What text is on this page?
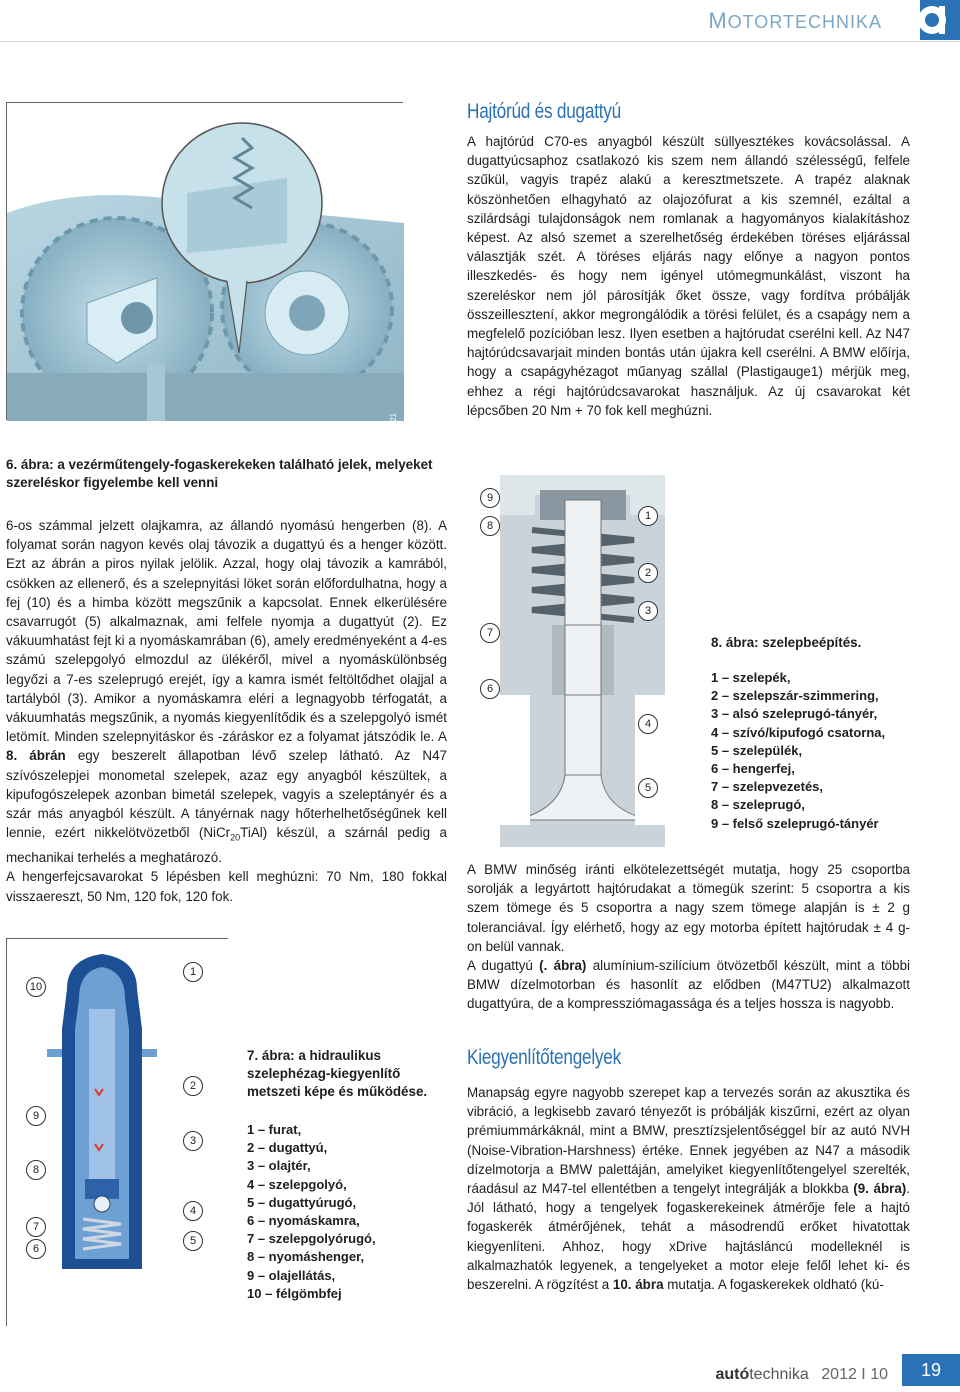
MOTORTECHNIKA
TM-2021
6. ábra: a vezérműtengely-fogaskerekeken található jelek, melyeket szereléskor figyelembe kell venni

6-os számmal jelzett olajkamra, az állandó nyomású hengerben (8). A folyamat során nagyon kevés olaj távozik a dugattyú és a henger között. Ezt az ábrán a piros nyilak jelölik. Azzal, hogy olaj távozik a kamrából, csökken az ellenerő, és a szelepnyitási löket során előfordulhatna, hogy a fej (10) és a himba között megszűnik a kapcsolat. Ennek elkerülésére csavarrugót (5) alkalmaznak, ami felfele nyomja a dugattyút (2). Ez vákuumhatást fejt ki a nyomáskamrában (6), amely eredményeként a 4-es számú szelepgolyó elmozdul az ülékéről, mivel a nyomáskülönbség legyőzi a 7-es szeleprugó erejét, így a kamra ismét feltöltődhet olajjal a tartályból (3). Amikor a nyomáskamra eléri a legnagyobb térfogatát, a vákuumhatás megszűnik, a nyomás kiegyenlítődik és a szelepgolyó ismét letömít. Minden szelepnyitáskor és -záráskor ez a folyamat játszódik le. A 8. ábrán egy beszerelt állapotban lévő szelep látható. Az N47 szívószelepjei monometal szelepek, azaz egy anyagból készültek, a kipufogószelepek azonban bimetál szelepek, vagyis a szeleptányér és a szár más anyagból készült. A tányérnak nagy hőterhelhetőségűnek kell lennie, ezért nikkelötvözetből (NiCr$_{20}$TiAl) készül, a szárnál pedig a mechanikai terhelés a meghatározó.

A hengerfejcsavarokat 5 lépésben kell meghúzni: 70 Nm, 180 fokkal visszaereszt, 50 Nm, 120 fok, 120 fok.

10
1
9
2
3
8
4
7
6
5
7. ábra: a hidraulikus szelephézag-kiegyenlítő metszeti képe és működése.
1 – furat,
2 – dugattyú,
3 – olajtér,
4 – szelepgolyó,
5 – dugattyúrugó,
6 – nyomáskamra,
7 – szelepgolyórugó,
8 – nyomáshenger,
9 – olajellátás,
10 – félgömbfej
Hajtórúd és dugattyú
A hajtórúd C70-es anyagból készült süllyesztékes kovácsolással. A dugattyúcsaphoz csatlakozó kis szem nem állandó szélességű, felfele szűkül, vagyis trapéz alakú a keresztmetszete. A trapéz alaknak köszönhetően elhagyható az olajozófurat a kis szemnél, ezáltal a szilárdsági tulajdonságok nem romlanak a hagyományos kialakításhoz képest. Az alsó szemet a szerelhetőség érdekében töréses eljárással választják szét. A töréses eljárás nagy előnye a nagyon pontos illeszkedés- és hogy nem igényel utómegmunkálást, viszont ha szereléskor nem jól párosítják őket össze, vagy fordítva próbálják összeillesztení, akkor megrongálódik a törési felület, és a csapágy nem a megfelelő pozícióban lesz. Ilyen esetben a hajtórudat cserélni kell. Az N47 hajtórúdcsavarjait minden bontás után újakra kell cserélni. A BMW előírja, hogy a csapágyhézagot műanyag szállal (Plastigauge1) mérjük meg, ehhez a régi hajtórúdcsavarokat használjuk. Az új csavarokat két lépcsőben 20 Nm + 70 fok kell meghúzni.
9
1
8
2
3
7
6
4
5
8. ábra: szelepbeépítés.
1 – szelepék,
2 – szelepszár-szimmering,
3 – alsó szeleprugó-tányér,
4 – szívó/kipufogó csatorna,
5 – szelepülék,
6 – hengerfej,
7 – szelepvezetés,
8 – szeleprugó,
9 – felső szeleprugó-tányér

A BMW minőség iránti elkötelezettségét mutatja, hogy 25 csoportba sorolják a legyártott hajtórudakat a tömegük szerint: 5 csoportra a kis szem tömege és 5 csoportra a nagy szem tömege alapján is ± 2 g toleranciával. Így elérhető, hogy az egy motorba épített hajtórudak ± 4 g-on belül vannak.

A dugattyú (. ábra) alumínium-szilícium ötvözetből készült, mint a többi BMW dízelmotorban és hasonlít az elődben (M47TU2) alkalmazott dugattyúra, de a kompressziómagassága és a teljes hossza is nagyobb.

Kiegyenlítőtengelyek

Manapság egyre nagyobb szerepet kap a tervezés során az akusztika és vibráció, a legkisebb zavaró tényezőt is próbálják kiszűrni, ezért az olyan prémiummárkáknál, mint a BMW, presztízsjelentőséggel bír az autó NVH (Noise-Vibration-Harshness) értéke. Ennek jegyében az N47 a második dízelmotorja a BMW palettáján, amelyiket kiegyenlítőtengelyel szerelték, ráadásul az M47-tel ellentétben a tengelyt integrálják a blokkba (9. ábra). Jól látható, hogy a tengelyek fogaskerekeinek átmérője fele a hajtó fogaskerék átmérőjének, tehát a másodrendű erőket hivatottak kiegyenlíteni. Ahhoz, hogy xDrive hajtásláncú modelleknél is alkalmazhatók legyenek, a tengelyeket a motor eleje felől lehet ki- és beszerelni. A rögzítést a 10. ábra mutatja. A fogaskerekek oldható (kú-

autótechnika 2012 I 10	19
